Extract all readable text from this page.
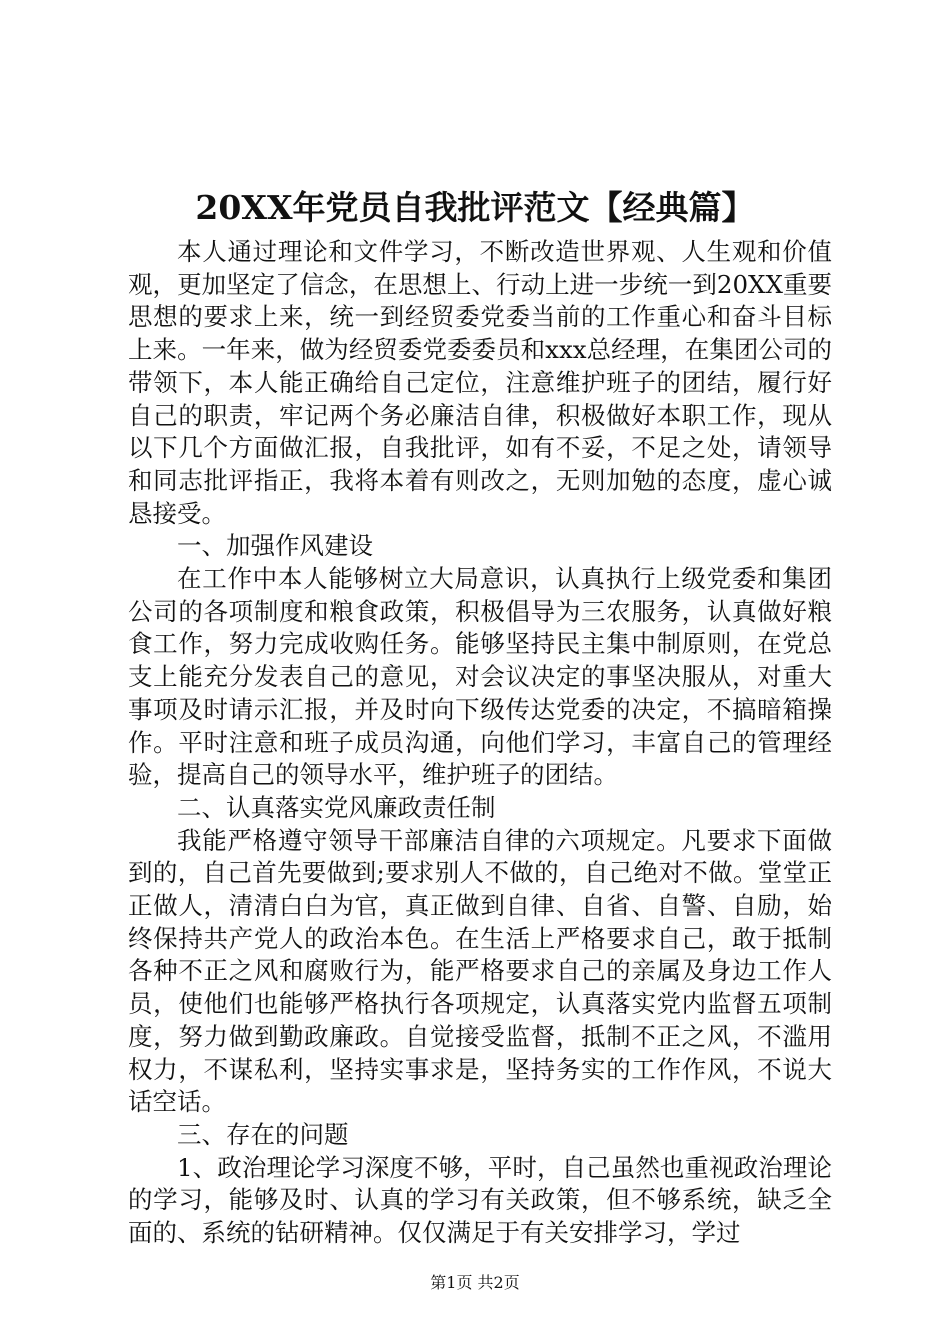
20XX年党员自我批评范文【经典篇】

本人通过理论和文件学习，不断改造世界观、人生观和价值观，更加坚定了信念，在思想上、行动上进一步统一到20XX重要思想的要求上来，统一到经贸委党委当前的工作重心和奋斗目标上来。一年来，做为经贸委党委委员和xxx总经理，在集团公司的带领下，本人能正确给自己定位，注意维护班子的团结，履行好自己的职责，牢记两个务必廉洁自律，积极做好本职工作，现从以下几个方面做汇报，自我批评，如有不妥，不足之处，请领导和同志批评指正，我将本着有则改之，无则加勉的态度，虚心诚恳接受。

一、加强作风建设

在工作中本人能够树立大局意识，认真执行上级党委和集团公司的各项制度和粮食政策，积极倡导为三农服务，认真做好粮食工作，努力完成收购任务。能够坚持民主集中制原则，在党总支上能充分发表自己的意见，对会议决定的事坚决服从，对重大事项及时请示汇报，并及时向下级传达党委的决定，不搞暗箱操作。平时注意和班子成员沟通，向他们学习，丰富自己的管理经验，提高自己的领导水平，维护班子的团结。

二、认真落实党风廉政责任制

我能严格遵守领导干部廉洁自律的六项规定。凡要求下面做到的，自己首先要做到;要求别人不做的，自己绝对不做。堂堂正正做人，清清白白为官，真正做到自律、自省、自警、自励，始终保持共产党人的政治本色。在生活上严格要求自己，敢于抵制各种不正之风和腐败行为，能严格要求自己的亲属及身边工作人员，使他们也能够严格执行各项规定，认真落实党内监督五项制度，努力做到勤政廉政。自觉接受监督，抵制不正之风，不滥用权力，不谋私利，坚持实事求是，坚持务实的工作作风，不说大话空话。

三、存在的问题

1、政治理论学习深度不够，平时，自己虽然也重视政治理论的学习，能够及时、认真的学习有关政策，但不够系统，缺乏全面的、系统的钻研精神。仅仅满足于有关安排学习，学过

第1页 共2页
